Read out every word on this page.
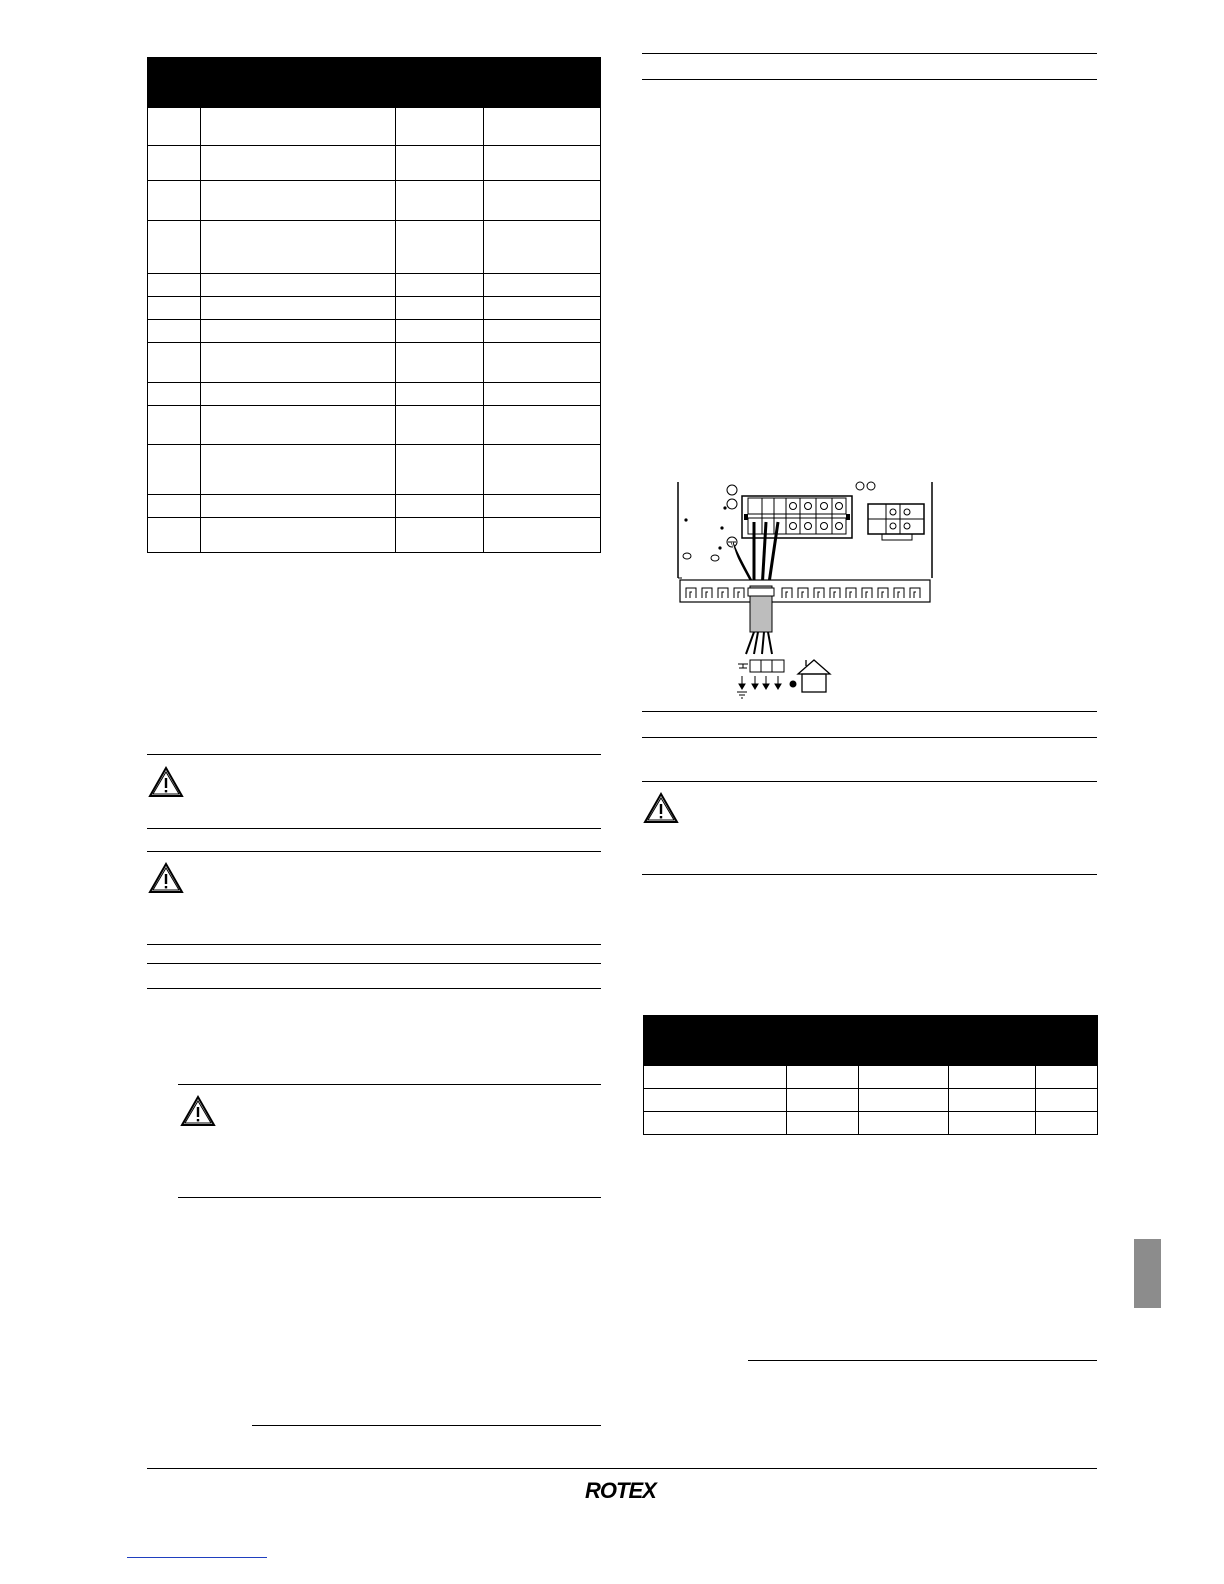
ROTEX
